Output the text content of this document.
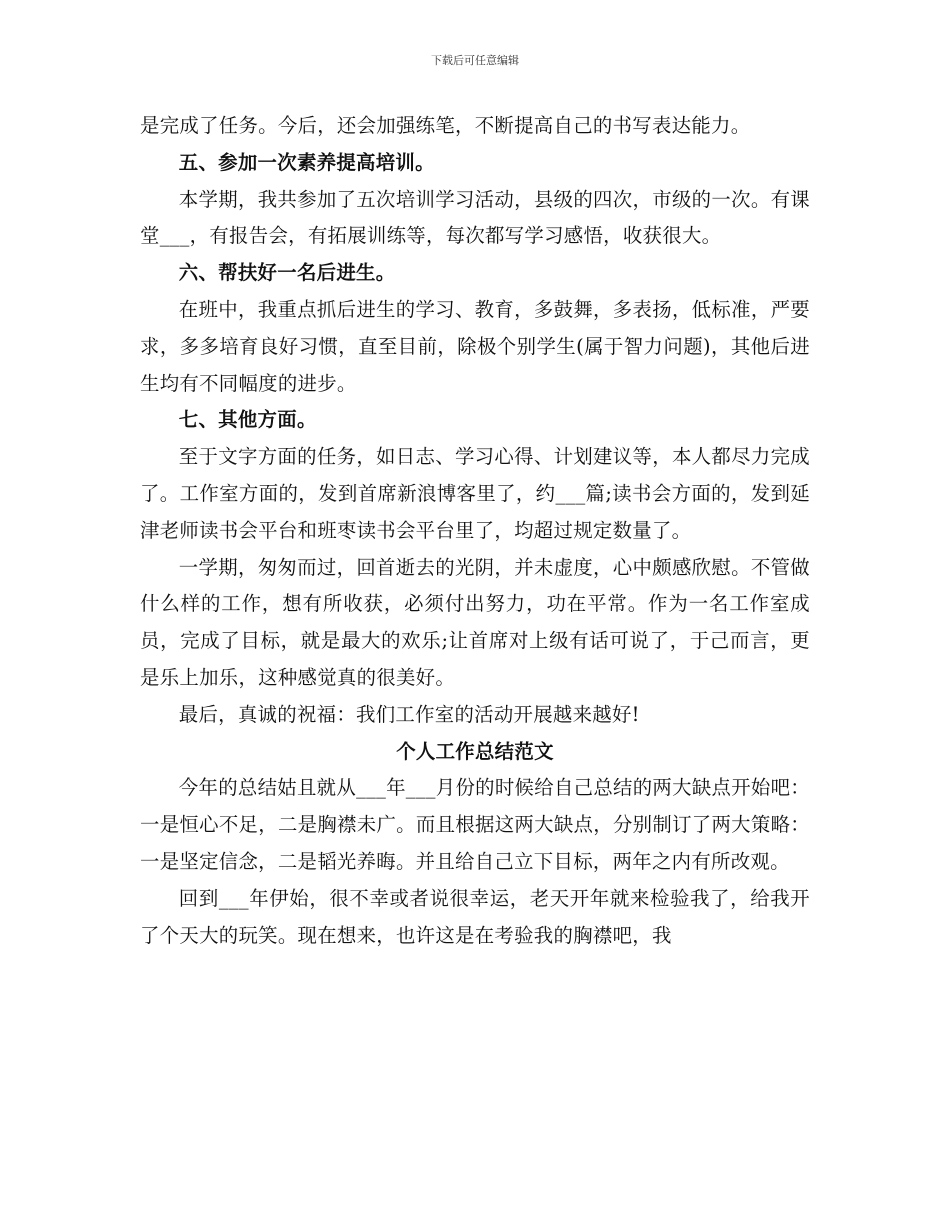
下载后可任意编辑

是完成了任务。今后，还会加强练笔，不断提高自己的书写表达能力。

五、参加一次素养提高培训。

本学期，我共参加了五次培训学习活动，县级的四次，市级的一次。有课堂___，有报告会，有拓展训练等，每次都写学习感悟，收获很大。

六、帮扶好一名后进生。

在班中，我重点抓后进生的学习、教育，多鼓舞，多表扬，低标准，严要求，多多培育良好习惯，直至目前，除极个别学生(属于智力问题)，其他后进生均有不同幅度的进步。

七、其他方面。

至于文字方面的任务，如日志、学习心得、计划建议等，本人都尽力完成了。工作室方面的，发到首席新浪博客里了，约___篇;读书会方面的，发到延津老师读书会平台和班枣读书会平台里了，均超过规定数量了。

一学期，匆匆而过，回首逝去的光阴，并未虚度，心中颇感欣慰。不管做什么样的工作，想有所收获，必须付出努力，功在平常。作为一名工作室成员，完成了目标，就是最大的欢乐;让首席对上级有话可说了，于己而言，更是乐上加乐，这种感觉真的很美好。

最后，真诚的祝福：我们工作室的活动开展越来越好!

个人工作总结范文

今年的总结姑且就从___年___月份的时候给自己总结的两大缺点开始吧：一是恒心不足，二是胸襟未广。而且根据这两大缺点，分别制订了两大策略：一是坚定信念，二是韬光养晦。并且给自己立下目标，两年之内有所改观。

回到___年伊始，很不幸或者说很幸运，老天开年就来检验我了，给我开了个天大的玩笑。现在想来，也许这是在考验我的胸襟吧，我
